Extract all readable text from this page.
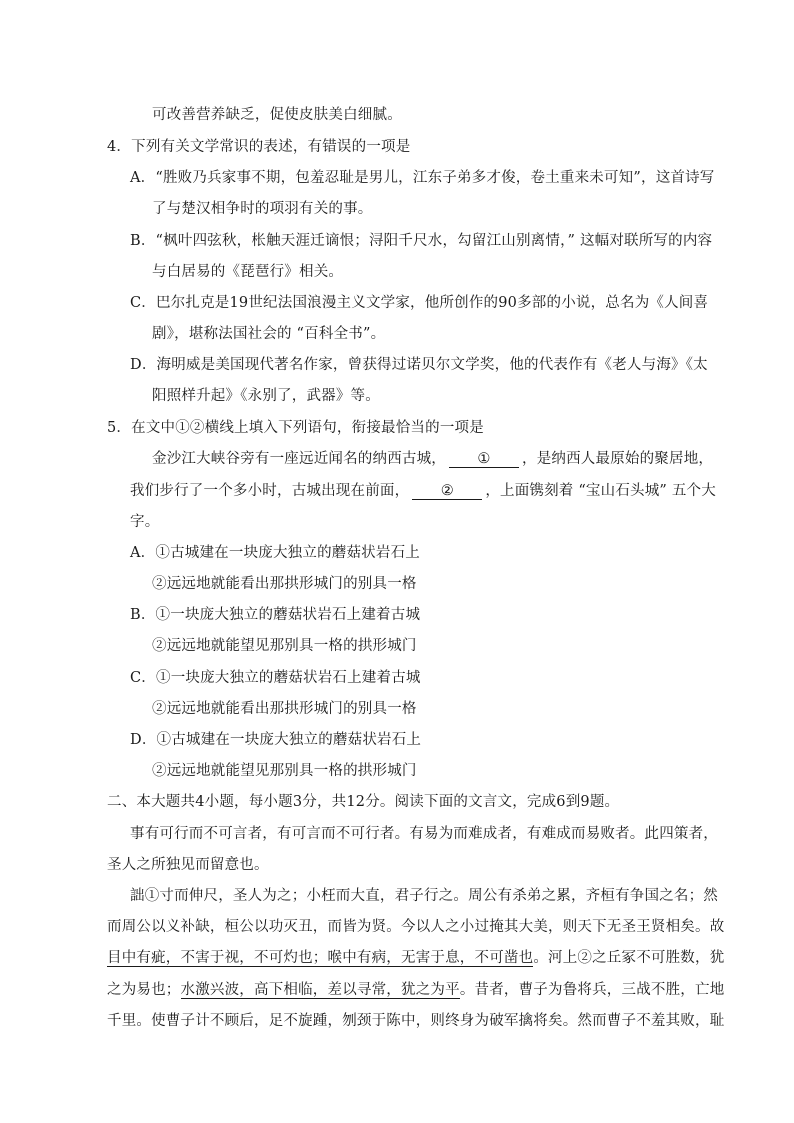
可改善营养缺乏，促使皮肤美白细腻。
4．下列有关文学常识的表述，有错误的一项是
A．“胜败乃兵家事不期，包羞忍耻是男儿，江东子弟多才俊，卷土重来未可知”，这首诗写
了与楚汉相争时的项羽有关的事。
B．“枫叶四弦秋，枨触天涯迁谪恨；浔阳千尺水，勾留江山别离情，” 这幅对联所写的内容
与白居易的《琵琶行》相关。
C．巴尔扎克是19世纪法国浪漫主义文学家，他所创作的90多部的小说，总名为《人间喜
剧》，堪称法国社会的 “百科全书”。
D．海明威是美国现代著名作家，曾获得过诺贝尔文学奖，他的代表作有《老人与海》《太
阳照样升起》《永别了，武器》等。
5．在文中①②横线上填入下列语句，衔接最恰当的一项是
金沙江大峡谷旁有一座远近闻名的纳西古城， ① ，是纳西人最原始的聚居地，
我们步行了一个多小时，古城出现在前面， ② ，上面镌刻着 “宝山石头城” 五个大
字。
A．①古城建在一块庞大独立的蘑菇状岩石上
②远远地就能看出那拱形城门的别具一格
B．①一块庞大独立的蘑菇状岩石上建着古城
②远远地就能望见那别具一格的拱形城门
C．①一块庞大独立的蘑菇状岩石上建着古城
②远远地就能看出那拱形城门的别具一格
D．①古城建在一块庞大独立的蘑菇状岩石上
②远远地就能望见那别具一格的拱形城门
二、本大题共4小题，每小题3分，共12分。阅读下面的文言文，完成6到9题。
事有可行而不可言者，有可言而不可行者。有易为而难成者，有难成而易败者。此四策者，
圣人之所独见而留意也。
詘①寸而伸尺，圣人为之；小枉而大直，君子行之。周公有杀弟之累，齐桓有争国之名；然
而周公以义补缺，桓公以功灭丑，而皆为贤。今以人之小过掩其大美，则天下无圣王贤相矣。故
目中有疵，不害于视，不可灼也；喉中有病，无害于息，不可凿也。河上②之丘冢不可胜数，犹
之为易也；水激兴波，高下相临，差以寻常，犹之为平。昔者，曹子为鲁将兵，三战不胜，亡地
千里。使曹子计不顾后，足不旋踵，刎颈于陈中，则终身为破军擒将矣。然而曹子不羞其败，耻
